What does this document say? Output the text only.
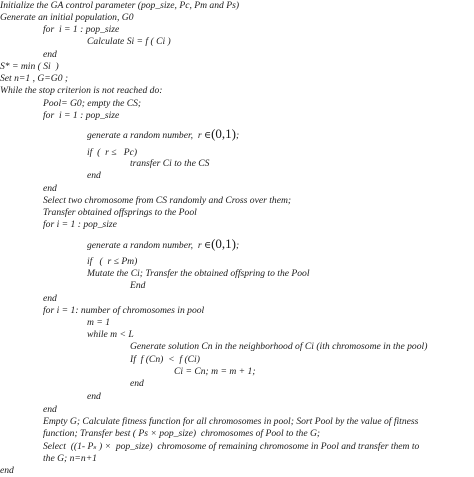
Initialize the GA control parameter (pop_size, Pc, Pm and Ps)
Generate an initial population, G0
for  i = 1 : pop_size
Calculate Si = f ( Ci )
end
S* = min ( Si  )
Set n=1 , G=G0 ;
While the stop criterion is not reached do:
Pool= G0; empty the CS;
for  i = 1 : pop_size
generate a random number,  r ∈(0,1);
if  (  r ≤   Pc)
transfer Ci to the CS
end
end
Select two chromosome from CS randomly and Cross over them;
Transfer obtained offsprings to the Pool
for i = 1 : pop_size
generate a random number,  r ∈(0,1);
if   (  r ≤ Pm)
Mutate the Ci; Transfer the obtained offspring to the Pool
End
end
for i = 1: number of chromosomes in pool
m = 1
while m < L
Generate solution Cn in the neighborhood of Ci (ith chromosome in the pool)
If  f (Cn)  <  f (Ci)
Ci = Cn; m = m + 1;
end
end
end
Empty G; Calculate fitness function for all chromosomes in pool; Sort Pool by the value of fitness
function; Transfer best ( Ps × pop_size)  chromosomes of Pool to the G;
Select  ((1- Pₛ ) ×  pop_size)  chromosome of remaining chromosome in Pool and transfer them to
the G; n=n+1
end
